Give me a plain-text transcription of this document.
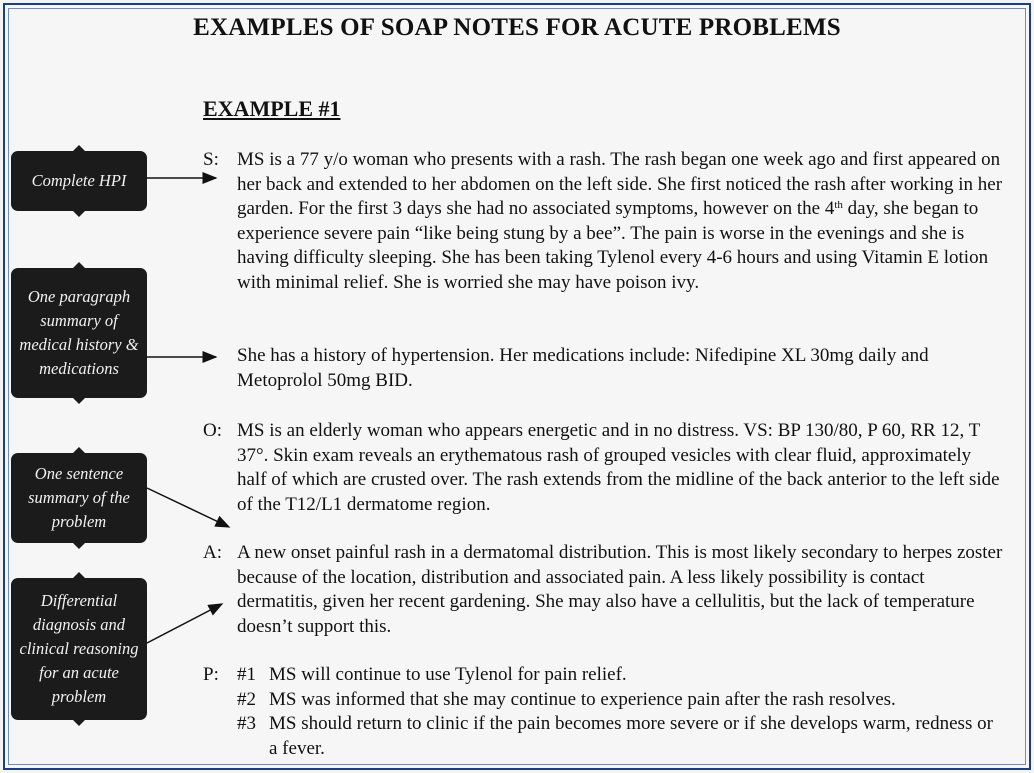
EXAMPLES OF SOAP NOTES FOR ACUTE PROBLEMS
EXAMPLE #1
Complete HPI
One paragraph summary of medical history & medications
One sentence summary of the problem
Differential diagnosis and clinical reasoning for an acute problem
S: MS is a 77 y/o woman who presents with a rash. The rash began one week ago and first appeared on her back and extended to her abdomen on the left side. She first noticed the rash after working in her garden. For the first 3 days she had no associated symptoms, however on the 4th day, she began to experience severe pain “like being stung by a bee”. The pain is worse in the evenings and she is having difficulty sleeping. She has been taking Tylenol every 4-6 hours and using Vitamin E lotion with minimal relief. She is worried she may have poison ivy.
She has a history of hypertension. Her medications include: Nifedipine XL 30mg daily and Metoprolol 50mg BID.
O: MS is an elderly woman who appears energetic and in no distress. VS: BP 130/80, P 60, RR 12, T 37°. Skin exam reveals an erythematous rash of grouped vesicles with clear fluid, approximately half of which are crusted over. The rash extends from the midline of the back anterior to the left side of the T12/L1 dermatome region.
A: A new onset painful rash in a dermatomal distribution. This is most likely secondary to herpes zoster because of the location, distribution and associated pain. A less likely possibility is contact dermatitis, given her recent gardening. She may also have a cellulitis, but the lack of temperature doesn’t support this.
P: #1 MS will continue to use Tylenol for pain relief.
#2 MS was informed that she may continue to experience pain after the rash resolves.
#3 MS should return to clinic if the pain becomes more severe or if she develops warm, redness or a fever.
